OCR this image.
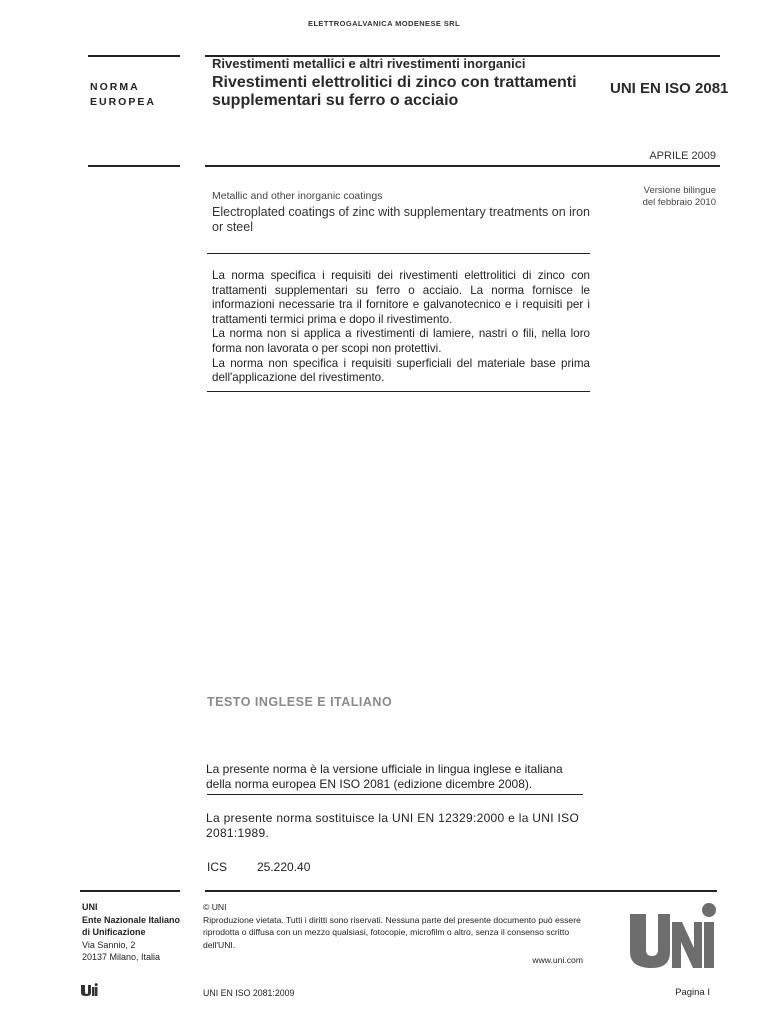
ELETTROGALVANICA MODENESE SRL
NORMA
EUROPEA
Rivestimenti metallici e altri rivestimenti inorganici
Rivestimenti elettrolitici di zinco con trattamenti supplementari su ferro o acciaio
UNI EN ISO 2081
APRILE 2009
Metallic and other inorganic coatings
Electroplated coatings of zinc with supplementary treatments on iron or steel
Versione bilingue
del febbraio 2010

La norma specifica i requisiti dei rivestimenti elettrolitici di zinco con trattamenti supplementari su ferro o acciaio. La norma fornisce le informazioni necessarie tra il fornitore e galvanotecnico e i requisiti per i trattamenti termici prima e dopo il rivestimento.

La norma non si applica a rivestimenti di lamiere, nastri o fili, nella loro forma non lavorata o per scopi non protettivi.

La norma non specifica i requisiti superficiali del materiale base prima dell'applicazione del rivestimento.

TESTO INGLESE E ITALIANO
La presente norma è la versione ufficiale in lingua inglese e italiana della norma europea EN ISO 2081 (edizione dicembre 2008).
La presente norma sostituisce la UNI EN 12329:2000 e la UNI ISO 2081:1989.
ICS 25.220.40
UNI
Ente Nazionale Italiano
di Unificazione
Via Sannio, 2
20137 Milano, Italia
© UNI
Riproduzione vietata. Tutti i diritti sono riservati. Nessuna parte del presente documento può essere riprodotta o diffusa con un mezzo qualsiasi, fotocopie, microfilm o altro, senza il consenso scritto dell'UNI.
www.uni.com
UNI EN ISO 2081:2009	Pagina I
